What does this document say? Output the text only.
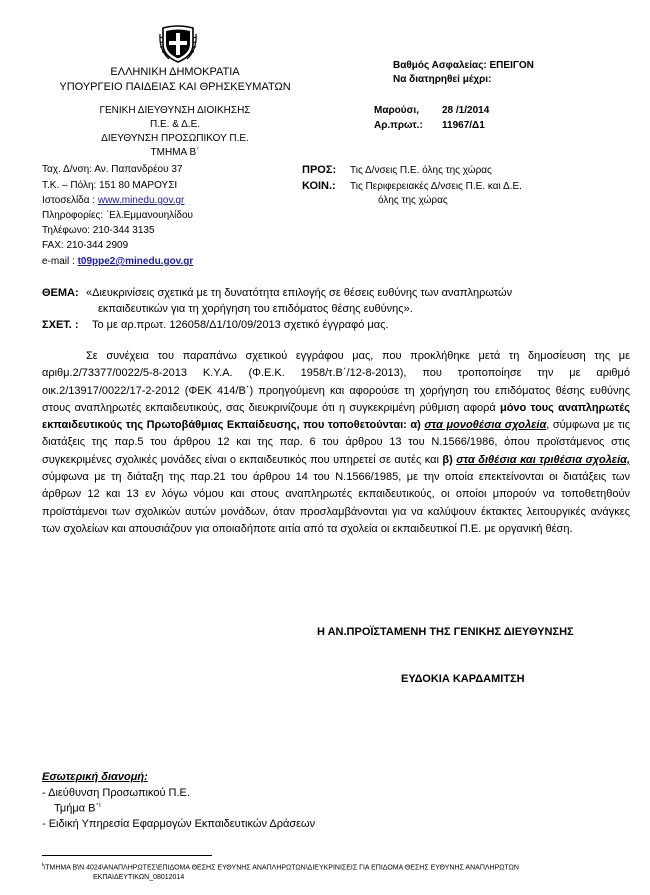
ΕΛΛΗΝΙΚΗ ΔΗΜΟΚΡΑΤΙΑ
ΥΠΟΥΡΓΕΙΟ ΠΑΙΔΕΙΑΣ ΚΑΙ ΘΡΗΣΚΕΥΜΑΤΩΝ
ΓΕΝΙΚΗ ΔΙΕΥΘΥΝΣΗ ΔΙΟΙΚΗΣΗΣ
Π.Ε. & Δ.Ε.
ΔΙΕΥΘΥΝΣΗ ΠΡΟΣΩΠΙΚΟΥ Π.Ε.
ΤΜΗΜΑ Β΄
Βαθμός Ασφαλείας: ΕΠΕΙΓΟΝ
Να διατηρηθεί μέχρι:
Μαρούσι, 28 /1/2014
Αρ.πρωτ.: 11967/Δ1
Ταχ. Δ/νση: Αν. Παπανδρέου 37
Τ.Κ. – Πόλη: 151 80 ΜΑΡΟΥΣΙ
Ιστοσελίδα : www.minedu.gov.gr
Πληροφορίες: ΄Ελ.Εμμανουηλίδου
Τηλέφωνο: 210-344 3135
FAX: 210-344 2909
e-mail : t09ppe2@minedu.gov.gr
ΠΡΟΣ: Τις Δ/νσεις Π.Ε. όλης της χώρας
ΚΟΙΝ.: Τις Περιφερειακές Δ/νσεις Π.Ε. και Δ.Ε.
όλης της χώρας
ΘΕΜΑ: «Διευκρινίσεις σχετικά με τη δυνατότητα επιλογής σε θέσεις ευθύνης των αναπληρωτών
εκπαιδευτικών για τη χορήγηση του επιδόματος θέσης ευθύνης».
ΣΧΕΤ. : Το με αρ.πρωτ. 126058/Δ1/10/09/2013 σχετικό έγγραφό μας.
Σε συνέχεια του παραπάνω σχετικού εγγράφου μας, που προκλήθηκε μετά τη δημοσίευση της με αριθμ.2/73377/0022/5-8-2013 Κ.Υ.Α. (Φ.Ε.Κ. 1958/τ.Β΄/12-8-2013), που τροποποίησε την με αριθμό οικ.2/13917/0022/17-2-2012 (ΦΕΚ 414/Β΄) προηγούμενη και αφορούσε τη χορήγηση του επιδόματος θέσης ευθύνης στους αναπληρωτές εκπαιδευτικούς, σας διευκρινίζουμε ότι η συγκεκριμένη ρύθμιση αφορά μόνο τους αναπληρωτές εκπαιδευτικούς της Πρωτοβάθμιας Εκπαίδευσης, που τοποθετούνται: α) στα μονοθέσια σχολεία, σύμφωνα με τις διατάξεις της παρ.5 του άρθρου 12 και της παρ. 6 του άρθρου 13 του Ν.1566/1986, όπου προϊστάμενος στις συγκεκριμένες σχολικές μονάδες είναι ο εκπαιδευτικός που υπηρετεί σε αυτές και β) στα διθέσια και τριθέσια σχολεία, σύμφωνα με τη διάταξη της παρ.21 του άρθρου 14 του Ν.1566/1985, με την οποία επεκτείνονται οι διατάξεις των άρθρων 12 και 13 εν λόγω νόμου και στους αναπληρωτές εκπαιδευτικούς, οι οποίοι μπορούν να τοποθετηθούν προϊστάμενοι των σχολικών αυτών μονάδων, όταν προσλαμβάνονται για να καλύψουν έκτακτες λειτουργικές ανάγκες των σχολείων και απουσιάζουν για οποιαδήποτε αιτία από τα σχολεία οι εκπαιδευτικοί Π.Ε. με οργανική θέση.
Η ΑΝ.ΠΡΟΪΣΤΑΜΕΝΗ ΤΗΣ ΓΕΝΙΚΗΣ ΔΙΕΥΘΥΝΣΗΣ
ΕΥΔΟΚΙΑ ΚΑΡΔΑΜΙΤΣΗ
Εσωτερική διανομή:
- Διεύθυνση Προσωπικού Π.Ε.
Τμήμα Β΄$^i$
- Ειδική Υπηρεσία Εφαρμογών Εκπαιδευτικών Δράσεων
$^i$\ΤΜΗΜΑ Β\Ν 4024\ΑΝΑΠΛΗΡΩΤΕΣ\ΕΠΙΔΟΜΑ ΘΕΣΗΣ ΕΥΘΥΝΗΣ ΑΝΑΠΛΗΡΩΤΩΝ\ΔΙΕΥΚΡΙΝΙΣΕΙΣ ΓΙΑ ΕΠΙΔΟΜΑ ΘΕΣΗΣ ΕΥΘΥΝΗΣ ΑΝΑΠΛΗΡΩΤΩΝ
ΕΚΠΑΙΔΕΥΤΙΚΩΝ_08012014
